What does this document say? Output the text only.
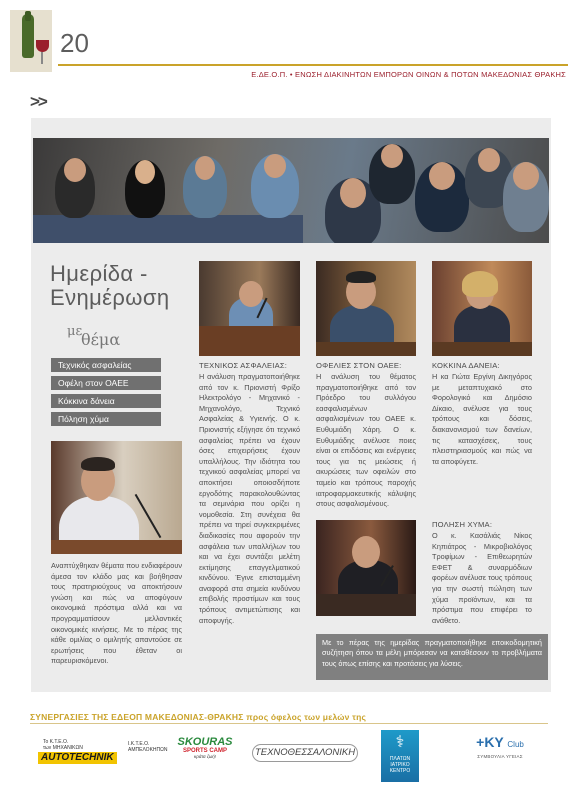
20
Ε.ΔΕ.Ο.Π. • ΕΝΩΣΗ ΔΙΑΚΙΝΗΤΩΝ ΕΜΠΟΡΩΝ ΟΙΝΩΝ & ΠΟΤΩΝ ΜΑΚΕΔΟΝΙΑΣ ΘΡΑΚΗΣ
>>
Ημερίδα -
Ενημέρωση
με
θέμα
Τεχνικός ασφαλείας
Οφέλη στον ΟΑΕΕ
Κόκκινα δάνεια
Πόληση χύμα
Αναπτύχθηκαν θέματα που ενδιαφέρουν άμεσα τον κλάδο μας και βοήθησαν τους πρατηριούχους να αποκτήσουν γνώση και πώς να αποφύγουν οικονομικά πρόστιμα αλλά και να προγραμματίσουν μελλοντικές οικονομικές κινήσεις. Με το πέρας της κάθε ομιλίας ο ομιλητής απαντούσε σε ερωτήσεις που έθεταν οι παρευρισκόμενοι.
ΤΕΧΝΙΚΟΣ ΑΣΦΑΛΕΙΑΣ:
Η ανάλυση πραγματοποιήθηκε από τον κ. Πριονιστή Φρίξο Ηλεκτρολόγο - Μηχανικό - Μηχανολόγο, Τεχνικό Ασφαλείας & Υγιεινής. Ο κ. Πριονιστής εξήγησε ότι τεχνικό ασφαλείας πρέπει να έχουν όσες επιχειρήσεις έχουν υπαλλήλους. Την ιδιότητα του τεχνικού ασφαλείας μπορεί να αποκτήσει οποιοσδήποτε εργοδότης παρακολουθώντας τα σεμινάρια που ορίζει η νομοθεσία. Στη συνέχεια θα πρέπει να τηρεί συγκεκριμένες διαδικασίες που αφορούν την ασφάλεια των υπαλλήλων του και να έχει συντάξει μελέτη εκτίμησης επαγγελματικού κινδύνου. Έγινε επισταμμένη αναφορά στα σημεία κινδύνου επιβολής προστίμων και τους τρόπους αντιμετώπισης και αποφυγής.
ΟΦΕΛΙΕΣ ΣΤΟΝ ΟΑΕΕ:
Η ανάλυση του θέματος πραγματοποιήθηκε από τον Πρόεδρο του συλλόγου εασφαλισμένων ασφαλισμένων του ΟΑΕΕ κ. Ευθυμιάδη Χάρη. Ο κ. Ευθυμιάδης ανέλυσε ποιες είναι οι επιδόσεις και ενέργειες τους για τις μειώσεις ή ακυρώσεις των οφειλών στο ταμείο και τρόπους παροχής ιατροφαρμακευτικής κάλυψης στους ασφαλισμένους.
ΚΟΚΚΙΝΑ ΔΑΝΕΙΑ:
Η κα Γιώτα Εργίνη Δικηγόρος με μεταπτυχιακό στο Φορολογικό και Δημόσιο Δίκαιο, ανέλυσε για τους τρόπους και δόσεις, διακανονισμού των δανείων, τις κατασχέσεις, τους πλειστηριασμούς και πώς να τα αποφύγετε.
ΠΟΛΗΣΗ ΧΥΜΑ:
Ο κ. Κασάλιάς Νίκος Κηπιάτρος - Μικροβιολόγος Τροφίμων - Επιθεωρητών ΕΦΕΤ & συναρμόδιων φορέων ανέλυσε τους τρόπους για την σωστή πώληση των χύμα προϊόντων, και τα πρόστιμα που επιφέρει το ανάθετο.
Με το πέρας της ημερίδας πραγματοποιήθηκε εποικοδομητική συζήτηση όπου τα μέλη μπόρεσαν να καταθέσουν το προβλήματα τους όπως επίσης και προτάσεις για λύσεις.
ΣΥΝΕΡΓΑΣΙΕΣ ΤΗΣ ΕΔΕΟΠ ΜΑΚΕΔΟΝΙΑΣ-ΘΡΑΚΗΣ προς όφελος των μελών της
Το Κ.Τ.Ε.Ο.
των ΜΗΧΑΝΙΚΩΝ
AUTOTECHNIK
Ι.Κ.Τ.Ε.Ο.
ΑΜΠΕΛΟΚΗΠΩΝ
SKOURAS
SPORTS CAMP
κράτα ζωή!	ΤΕΧΝΟΘΕΣΣΑΛΟΝΙΚΗ
⚕
ΠΛΑΤΩΝ
ΙΑΤΡΙΚΟ ΚΕΝΤΡΟ
+KY Club
ΣΥΜΒΟΥΛΙΑ ΥΓΕΙΑΣ
